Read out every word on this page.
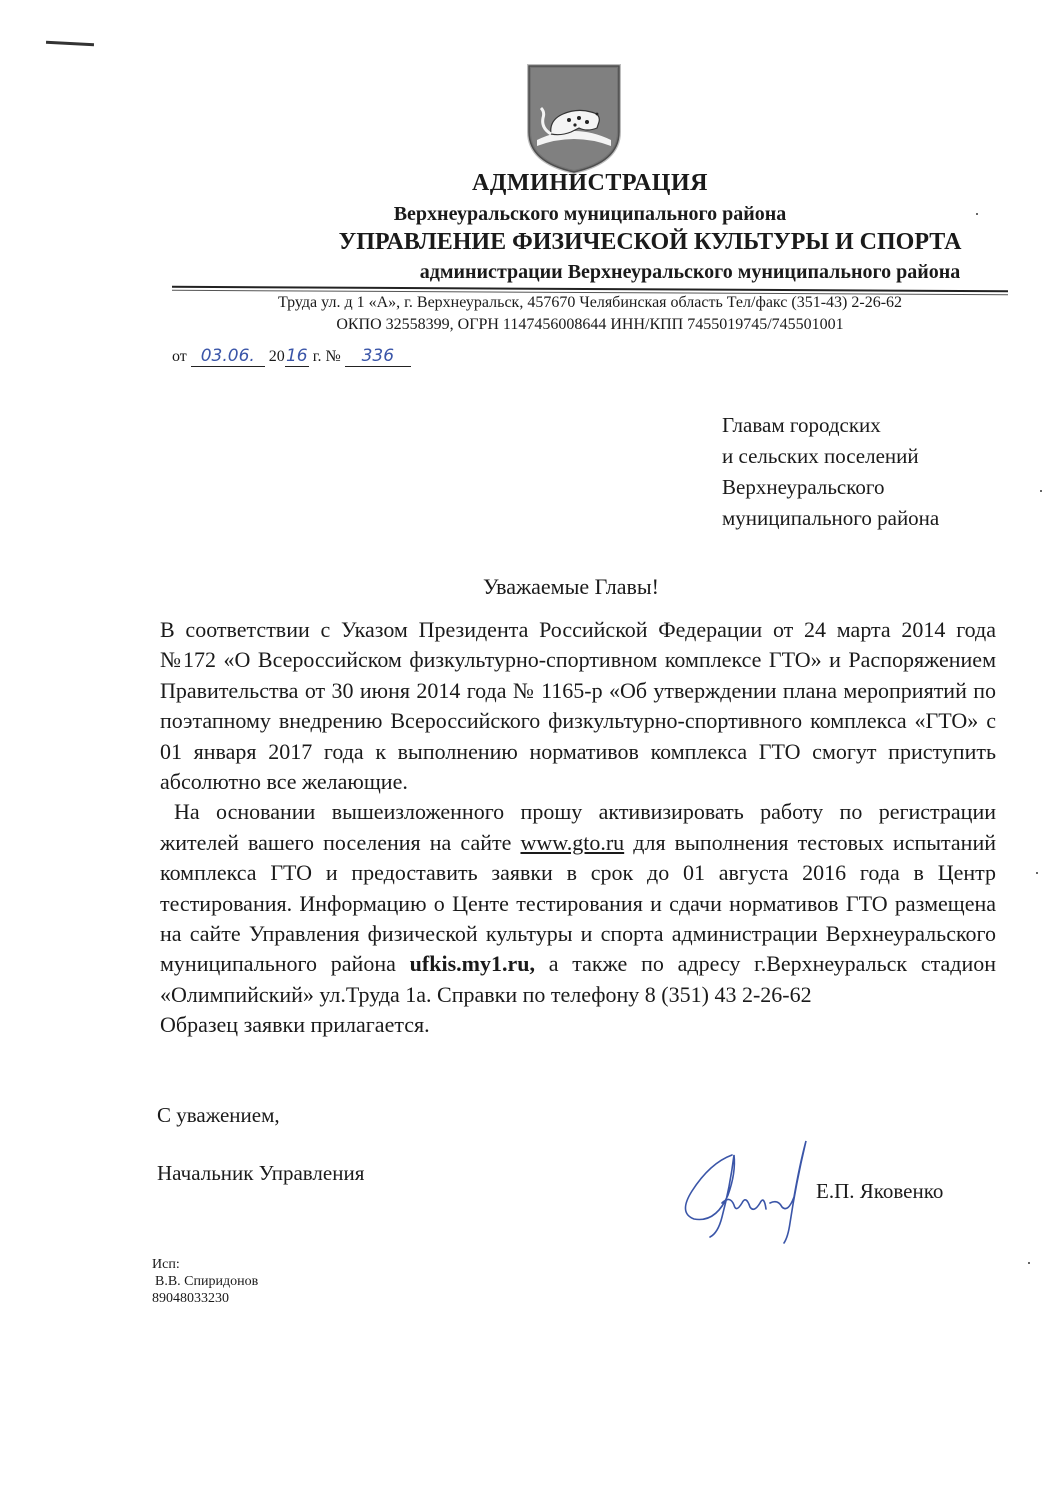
АДМИНИСТРАЦИЯ
Верхнеуральского муниципального района
УПРАВЛЕНИЕ ФИЗИЧЕСКОЙ КУЛЬТУРЫ И СПОРТА
администрации Верхнеуральского муниципального района
Труда ул. д 1 «А», г. Верхнеуральск, 457670 Челябинская область Тел/факс (351-43) 2-26-62
ОКПО 32558399, ОГРН 1147456008644 ИНН/КПП 7455019745/745501001
от 03.06. 2016 г. № 336
Главам городских
и сельских поселений
Верхнеуральского
муниципального района
Уважаемые Главы!

В соответствии с Указом Президента Российской Федерации от 24 марта 2014 года №172 «О Всероссийском физкультурно-спортивном комплексе ГТО» и Распоряжением Правительства от 30 июня 2014 года № 1165-р «Об утверждении плана мероприятий по поэтапному внедрению Всероссийского физкультурно-спортивного комплекса «ГТО» с 01 января 2017 года к выполнению нормативов комплекса ГТО смогут приступить абсолютно все желающие.

На основании вышеизложенного прошу активизировать работу по регистрации жителей вашего поселения на сайте www.gto.ru для выполнения тестовых испытаний комплекса ГТО и предоставить заявки в срок до 01 августа 2016 года в Центр тестирования. Информацию о Центе тестирования и сдачи нормативов ГТО размещена на сайте Управления физической культуры и спорта администрации Верхнеуральского муниципального района ufkis.my1.ru, а также по адресу г.Верхнеуральск стадион «Олимпийский» ул.Труда 1а. Справки по телефону 8 (351) 43 2-26-62

Образец заявки прилагается.
С уважением,
Начальник Управления
Е.П. Яковенко
Исп:
В.В. Спиридонов
89048033230
